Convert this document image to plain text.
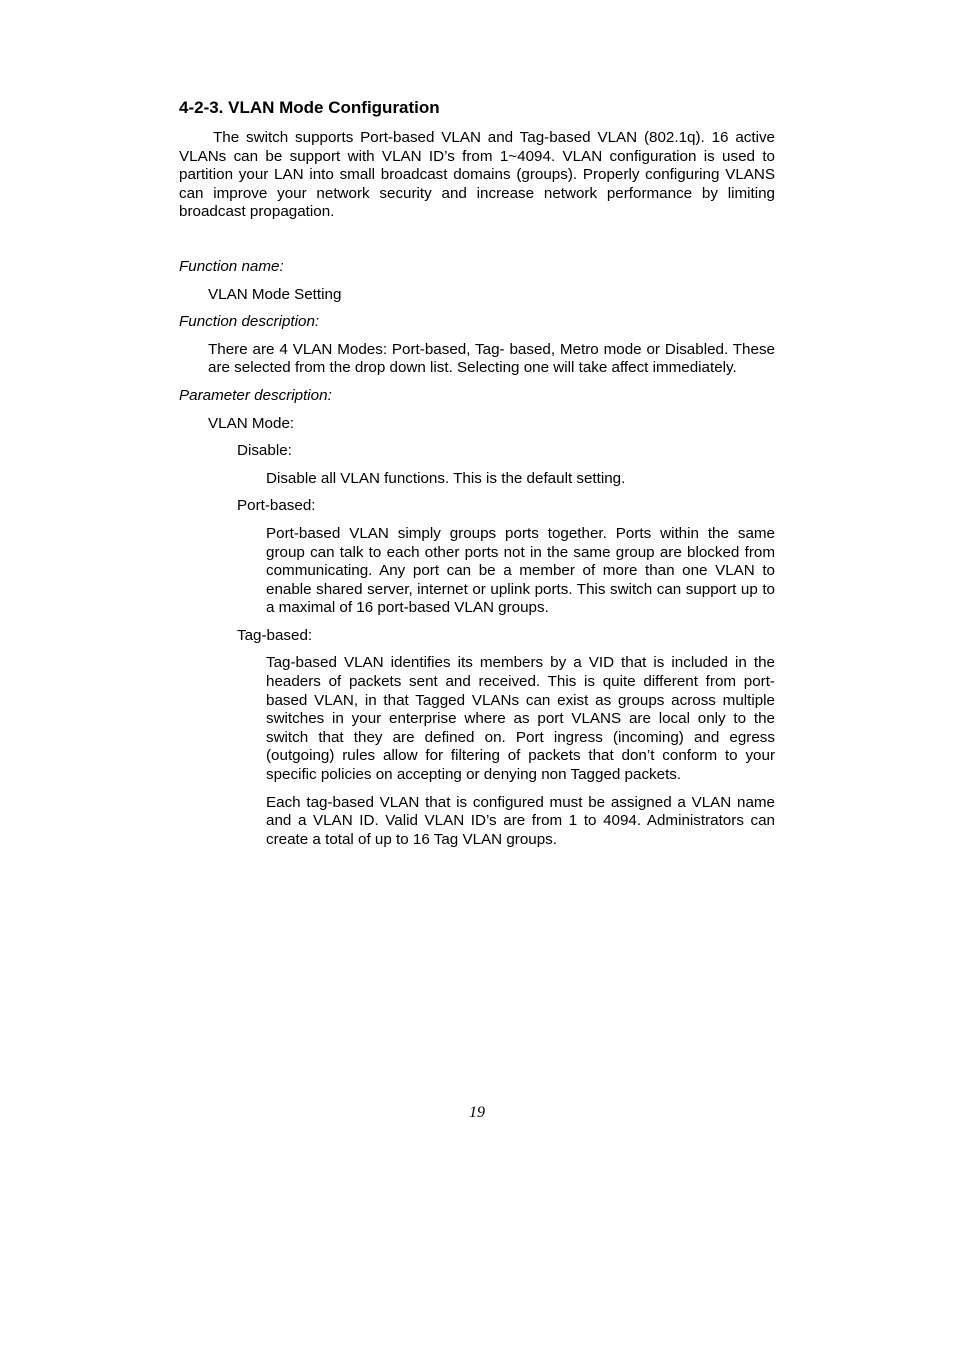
4-2-3. VLAN Mode Configuration

The switch supports Port-based VLAN and Tag-based VLAN (802.1q). 16 active VLANs can be support with VLAN ID’s from 1~4094. VLAN configuration is used to partition your LAN into small broadcast domains (groups). Properly configuring VLANS can improve your network security and increase network performance by limiting broadcast propagation.

Function name:

VLAN Mode Setting

Function description:

There are 4 VLAN Modes: Port-based, Tag- based, Metro mode or Disabled. These are selected from the drop down list. Selecting one will take affect immediately.

Parameter description:

VLAN Mode:

Disable:

Disable all VLAN functions. This is the default setting.

Port-based:

Port-based VLAN simply groups ports together. Ports within the same group can talk to each other ports not in the same group are blocked from communicating. Any port can be a member of more than one VLAN to enable shared server, internet or uplink ports. This switch can support up to a maximal of 16 port-based VLAN groups.

Tag-based:

Tag-based VLAN identifies its members by a VID that is included in the headers of packets sent and received. This is quite different from port-based VLAN, in that Tagged VLANs can exist as groups across multiple switches in your enterprise where as port VLANS are local only to the switch that they are defined on. Port ingress (incoming) and egress (outgoing) rules allow for filtering of packets that don’t conform to your specific policies on accepting or denying non Tagged packets.

Each tag-based VLAN that is configured must be assigned a VLAN name and a VLAN ID. Valid VLAN ID’s are from 1 to 4094. Administrators can create a total of up to 16 Tag VLAN groups.

19
